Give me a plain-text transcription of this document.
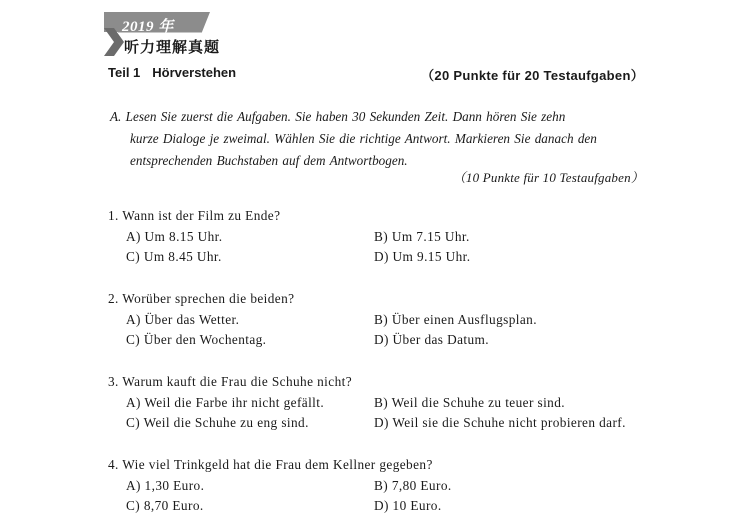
2019 年
听力理解真题
Teil 1 Hörverstehen	（20 Punkte für 20 Testaufgaben）
A. Lesen Sie zuerst die Aufgaben. Sie haben 30 Sekunden Zeit. Dann hören Sie zehn
kurze Dialoge je zweimal. Wählen Sie die richtige Antwort. Markieren Sie danach den
entsprechenden Buchstaben auf dem Antwortbogen.
（10 Punkte für 10 Testaufgaben）
1. Wann ist der Film zu Ende?
A) Um 8.15 Uhr.	B) Um 7.15 Uhr.
C) Um 8.45 Uhr.	D) Um 9.15 Uhr.
2. Worüber sprechen die beiden?
A) Über das Wetter.	B) Über einen Ausflugsplan.
C) Über den Wochentag.	D) Über das Datum.
3. Warum kauft die Frau die Schuhe nicht?
A) Weil die Farbe ihr nicht gefällt.	B) Weil die Schuhe zu teuer sind.
C) Weil die Schuhe zu eng sind.	D) Weil sie die Schuhe nicht probieren darf.
4. Wie viel Trinkgeld hat die Frau dem Kellner gegeben?
A) 1,30 Euro.	B) 7,80 Euro.
C) 8,70 Euro.	D) 10 Euro.
